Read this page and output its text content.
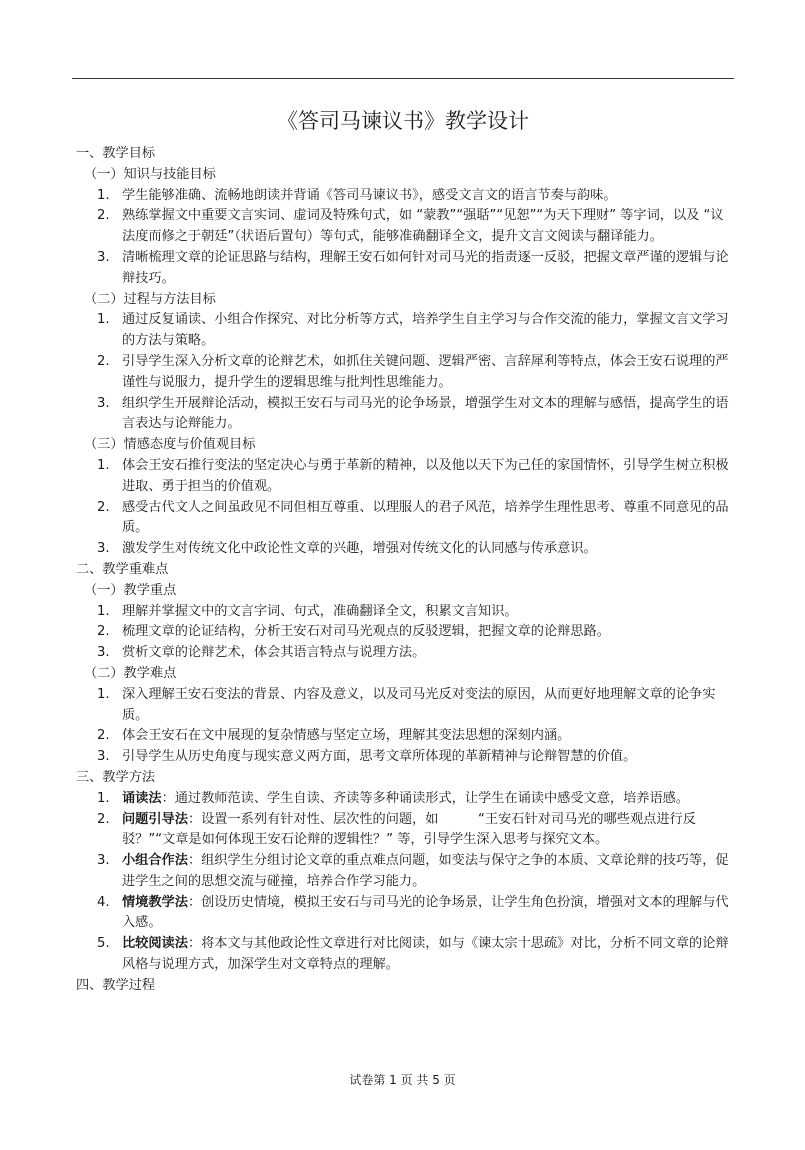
《答司马谏议书》教学设计
一、教学目标
（一）知识与技能目标
1. 学生能够准确、流畅地朗读并背诵《答司马谏议书》，感受文言文的语言节奏与韵味。
2. 熟练掌握文中重要文言实词、虚词及特殊句式，如 “蒙教”“强聒”“见恕”“为天下理财” 等字词，以及 “议法度而修之于朝廷”（状语后置句）等句式，能够准确翻译全文，提升文言文阅读与翻译能力。
3. 清晰梳理文章的论证思路与结构，理解王安石如何针对司马光的指责逐一反驳，把握文章严谨的逻辑与论辩技巧。
（二）过程与方法目标
1. 通过反复诵读、小组合作探究、对比分析等方式，培养学生自主学习与合作交流的能力，掌握文言文学习的方法与策略。
2. 引导学生深入分析文章的论辩艺术，如抓住关键问题、逻辑严密、言辞犀利等特点，体会王安石说理的严谨性与说服力，提升学生的逻辑思维与批判性思维能力。
3. 组织学生开展辩论活动，模拟王安石与司马光的论争场景，增强学生对文本的理解与感悟，提高学生的语言表达与论辩能力。
（三）情感态度与价值观目标
1. 体会王安石推行变法的坚定决心与勇于革新的精神，以及他以天下为己任的家国情怀，引导学生树立积极进取、勇于担当的价值观。
2. 感受古代文人之间虽政见不同但相互尊重、以理服人的君子风范，培养学生理性思考、尊重不同意见的品质。
3. 激发学生对传统文化中政论性文章的兴趣，增强对传统文化的认同感与传承意识。
二、教学重难点
（一）教学重点
1. 理解并掌握文中的文言字词、句式，准确翻译全文，积累文言知识。
2. 梳理文章的论证结构，分析王安石对司马光观点的反驳逻辑，把握文章的论辩思路。
3. 赏析文章的论辩艺术，体会其语言特点与说理方法。
（二）教学难点
1. 深入理解王安石变法的背景、内容及意义，以及司马光反对变法的原因，从而更好地理解文章的论争实质。
2. 体会王安石在文中展现的复杂情感与坚定立场，理解其变法思想的深刻内涵。
3. 引导学生从历史角度与现实意义两方面，思考文章所体现的革新精神与论辩智慧的价值。
三、教学方法
1. 诵读法：通过教师范读、学生自读、齐读等多种诵读形式，让学生在诵读中感受文意，培养语感。
2. 问题引导法：设置一系列有针对性、层次性的问题，如　　　“王安石针对司马光的哪些观点进行反驳？”“文章是如何体现王安石论辩的逻辑性？” 等，引导学生深入思考与探究文本。
3. 小组合作法：组织学生分组讨论文章的重点难点问题，如变法与保守之争的本质、文章论辩的技巧等，促进学生之间的思想交流与碰撞，培养合作学习能力。
4. 情境教学法：创设历史情境，模拟王安石与司马光的论争场景，让学生角色扮演，增强对文本的理解与代入感。
5. 比较阅读法：将本文与其他政论性文章进行对比阅读，如与《谏太宗十思疏》对比，分析不同文章的论辩风格与说理方式，加深学生对文章特点的理解。
四、教学过程
试卷第 1 页 共 5 页
